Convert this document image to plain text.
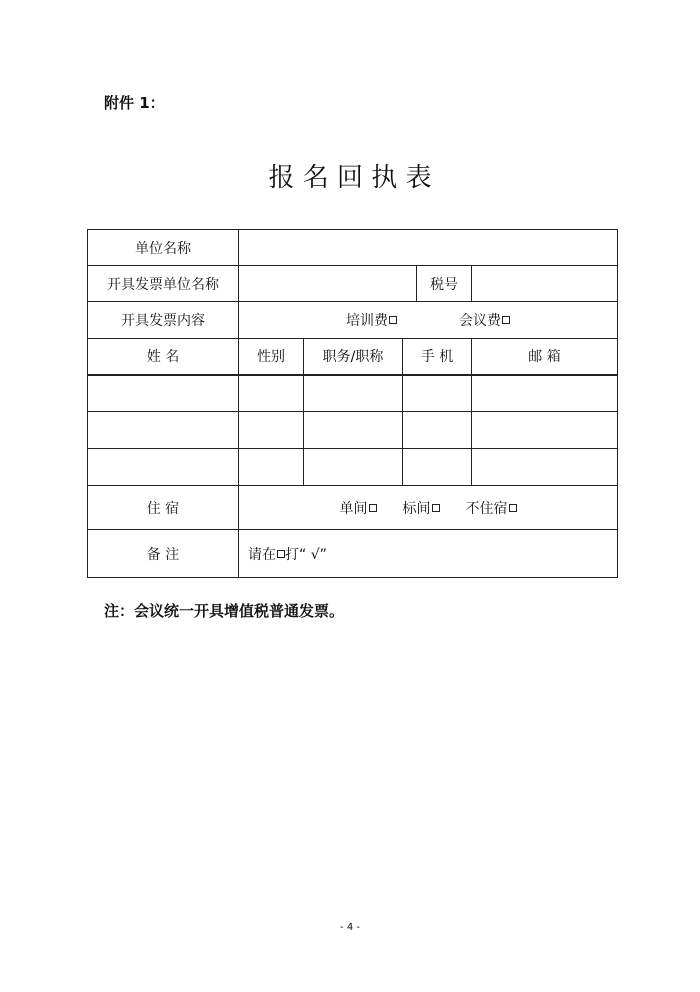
附件 1：
报 名 回 执 表
单位名称					
开具发票单位名称				税号	
开具发票内容	培训费 会议费				
姓 名	性别	职务/职称	手 机		邮 箱

住 宿	单间 标间 不住宿				
备 注	请在 打“ √”				
注：会议统一开具增值税普通发票。
- 4 -
